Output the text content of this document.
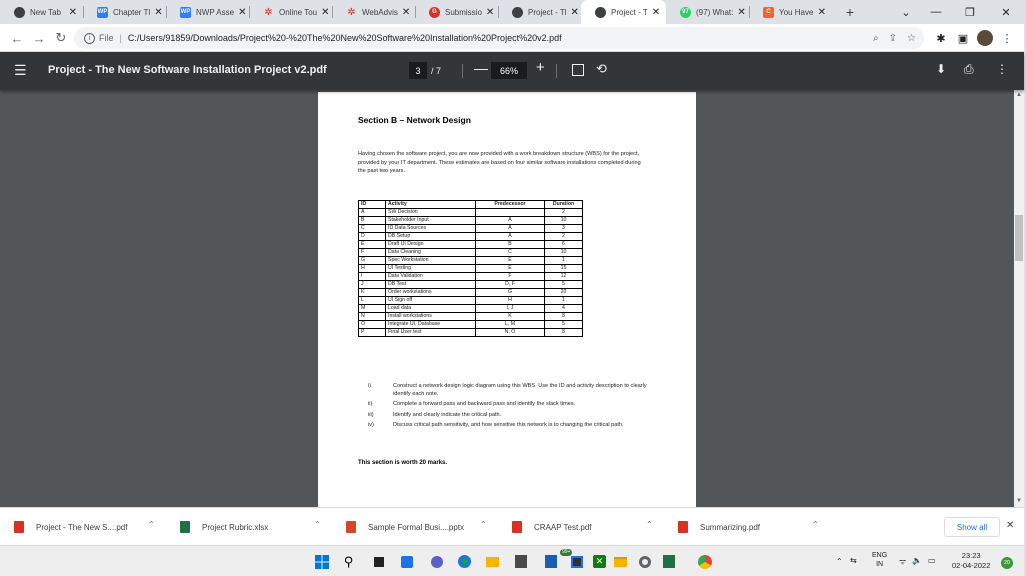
New Tab ✕	WP Chapter Tl ✕	WP NWP Asse ✕ ✲ Online Tou ✕ ✲ WebAdvis ✕	G	Submissio ✕	Project - Tl ✕	Project - T ✕	97 (97) What: ✕	C	You Have ✕	+	⌄	—	❐	✕
← → ↻	i File | C:/Users/91859/Downloads/Project%20-%20The%20New%20Software%20Installation%20Project%20v2.pdf	⌕ ⇪ ☆	✱	▣	⋮
☰ Project - The New Software Installation Project v2.pdf	3	/ 7 —	66%	+	⟲	⬇ ⎙ ⋮
▲
▼
Section B – Network Design
Having chosen the software project, you are now provided with a work breakdown structure (WBS) for the project, provided by your IT department. These estimates are based on four similar software installations completed during the past two years.
ID	Activity	Predecessor	Duration
A	SW Decision		2
B	Stakeholder Input	A	10
C	ID Data Sources	A	3
D	DB Setup	A	2
E	Draft UI Design	B	6
F	Data Cleaning	C	10
G	Spec Workstation	E	1
H	UI Testing	E	15
I	Data Validation	F	12
J	DB Test	D, F	5
K	Order workstations	G	20
L	UI Sign off	H	1
M	Load data	I, J	4
N	Install workstations	K	8
O	Integrate UI, Database	L, M	5
P	Final User test	N, O	8
i)	Construct a network design logic diagram using this WBS. Use the ID and activity description to clearly identify each note.
ii)	Complete a forward pass and backward pass and identify the slack times.
iii)	Identify and clearly indicate the critical path.
iv)	Discuss critical path sensitivity, and how sensitive this network is to changing the critical path.
This section is worth 20 marks.
Show all	✕
Project - The New S....pdf	⌃	Project Rubric.xlsx	⌃	Sample Formal Busi....pptx ⌃	CRAAP Test.pdf	⌃	Summarizing.pdf	⌃
⚲
99+
✕	⌃ ⇆
ENG
IN	ᯤ 🔈 ▭
23:23
02-04-2022	20
